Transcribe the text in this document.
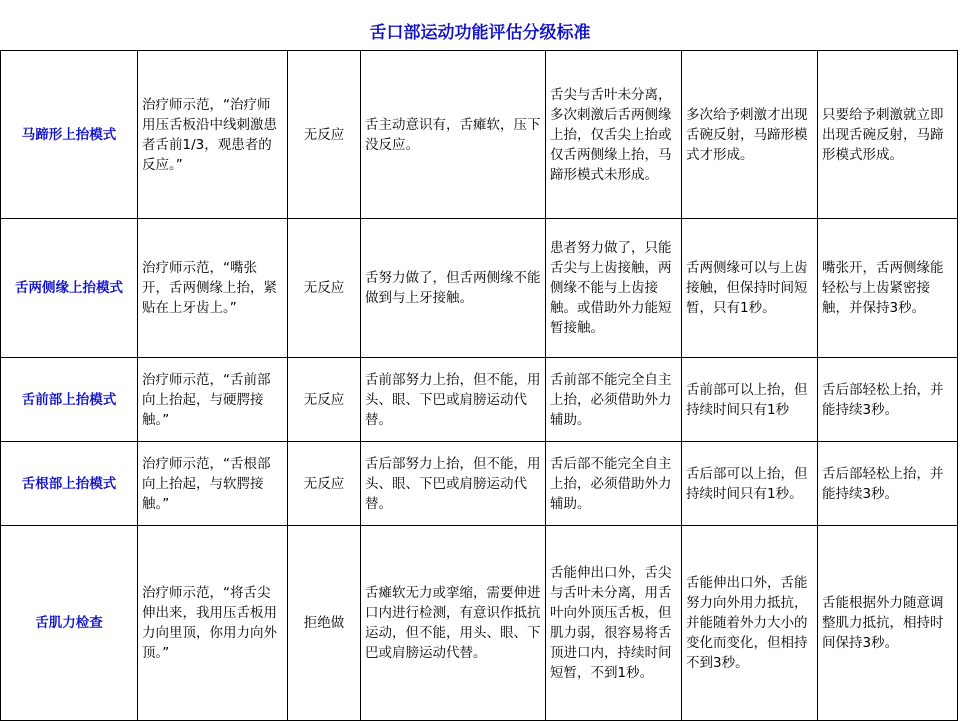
舌口部运动功能评估分级标准
马蹄形上抬模式	治疗师示范，“治疗师用压舌板沿中线刺激患者舌前1/3，观患者的反应。”	无反应	舌主动意识有，舌瘫软，压下没反应。	舌尖与舌叶未分离，多次刺激后舌两侧缘上抬，仅舌尖上抬或仅舌两侧缘上抬，马蹄形模式未形成。	多次给予刺激才出现舌碗反射，马蹄形模式才形成。	只要给予刺激就立即出现舌碗反射，马蹄形模式形成。
舌两侧缘上抬模式	治疗师示范，“嘴张开，舌两侧缘上抬，紧贴在上牙齿上。”	无反应	舌努力做了，但舌两侧缘不能做到与上牙接触。	患者努力做了，只能舌尖与上齿接触，两侧缘不能与上齿接触。或借助外力能短暂接触。	舌两侧缘可以与上齿接触，但保持时间短暂，只有1秒。	嘴张开，舌两侧缘能轻松与上齿紧密接触，并保持3秒。
舌前部上抬模式	治疗师示范，“舌前部向上抬起，与硬腭接触。”	无反应	舌前部努力上抬，但不能，用头、眼、下巴或肩膀运动代替。	舌前部不能完全自主上抬，必须借助外力辅助。	舌前部可以上抬，但持续时间只有1秒	舌后部轻松上抬，并能持续3秒。
舌根部上抬模式	治疗师示范，“舌根部向上抬起，与软腭接触。”	无反应	舌后部努力上抬，但不能，用头、眼、下巴或肩膀运动代替。	舌后部不能完全自主上抬，必须借助外力辅助。	舌后部可以上抬，但持续时间只有1秒。	舌后部轻松上抬，并能持续3秒。
舌肌力检查	治疗师示范，“将舌尖伸出来，我用压舌板用力向里顶，你用力向外顶。”	拒绝做	舌瘫软无力或挛缩，需要伸进口内进行检测，有意识作抵抗运动，但不能，用头、眼、下巴或肩膀运动代替。	舌能伸出口外，舌尖与舌叶未分离，用舌叶向外顶压舌板，但肌力弱，很容易将舌顶进口内，持续时间短暂，不到1秒。	舌能伸出口外，舌能努力向外用力抵抗，并能随着外力大小的变化而变化，但相持不到3秒。	舌能根据外力随意调整肌力抵抗，相持时间保持3秒。
